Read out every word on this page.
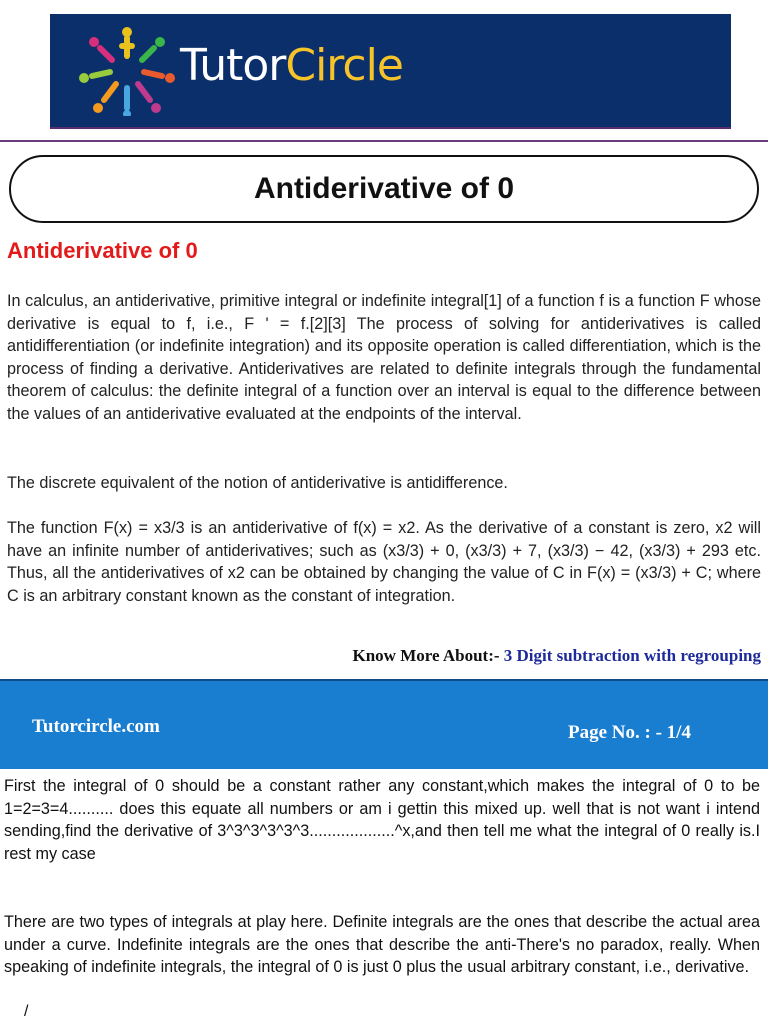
TutorCircle
Antiderivative of 0
Antiderivative of 0

In calculus, an antiderivative, primitive integral or indefinite integral[1] of a function f is a function F whose derivative is equal to f, i.e., F ' = f.[2][3] The process of solving for antiderivatives is called antidifferentiation (or indefinite integration) and its opposite operation is called differentiation, which is the process of finding a derivative. Antiderivatives are related to definite integrals through the fundamental theorem of calculus: the definite integral of a function over an interval is equal to the difference between the values of an antiderivative evaluated at the endpoints of the interval.

The discrete equivalent of the notion of antiderivative is antidifference.

The function F(x) = x3/3 is an antiderivative of f(x) = x2. As the derivative of a constant is zero, x2 will have an infinite number of antiderivatives; such as (x3/3) + 0, (x3/3) + 7, (x3/3) − 42, (x3/3) + 293 etc. Thus, all the antiderivatives of x2 can be obtained by changing the value of C in F(x) = (x3/3) + C; where C is an arbitrary constant known as the constant of integration.

Know More About:- 3 Digit subtraction with regrouping
Tutorcircle.com	Page No. : - 1/4

First the integral of 0 should be a constant rather any constant,which makes the integral of 0 to be 1=2=3=4.......... does this equate all numbers or am i gettin this mixed up. well that is not want i intend sending,find the derivative of 3^3^3^3^3^3...................^x,and then tell me what the integral of 0 really is.I rest my case

There are two types of integrals at play here. Definite integrals are the ones that describe the actual area under a curve. Indefinite integrals are the ones that describe the anti-There's no paradox, really. When speaking of indefinite integrals, the integral of 0 is just 0 plus the usual arbitrary constant, i.e., derivative.

/
